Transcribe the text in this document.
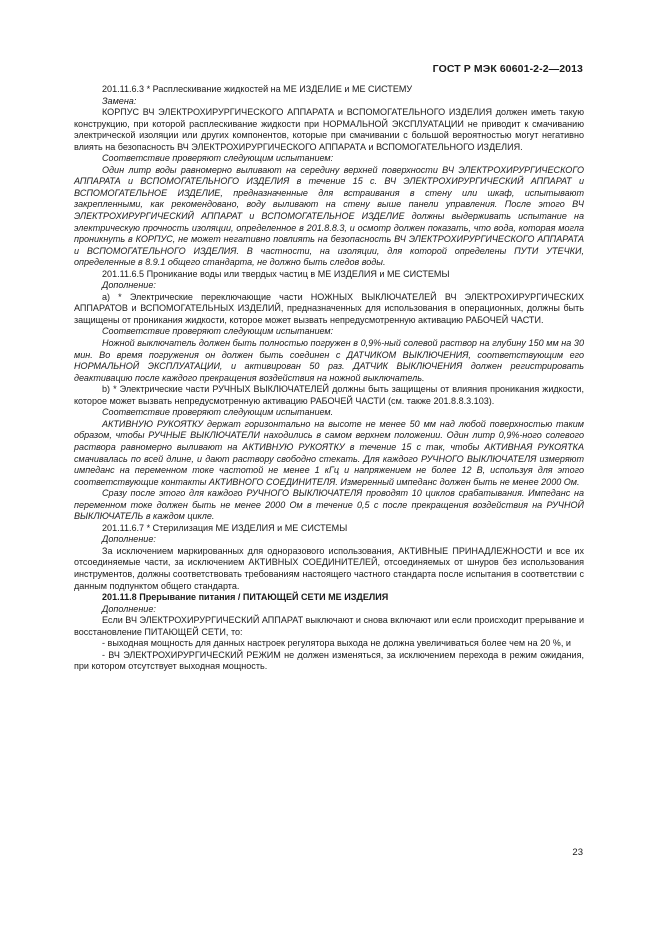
ГОСТ Р МЭК 60601-2-2—2013

201.11.6.3 * Расплескивание жидкостей на МЕ ИЗДЕЛИЕ и МЕ СИСТЕМУ

Замена:

КОРПУС ВЧ ЭЛЕКТРОХИРУРГИЧЕСКОГО АППАРАТА и ВСПОМОГАТЕЛЬНОГО ИЗДЕЛИЯ должен иметь такую конструкцию, при которой расплескивание жидкости при НОРМАЛЬНОЙ ЭКСПЛУАТАЦИИ не приводит к смачиванию электрической изоляции или других компонентов, которые при смачивании с большой вероятностью могут негативно влиять на безопасность ВЧ ЭЛЕКТРОХИРУРГИЧЕСКОГО АППАРАТА и ВСПОМОГАТЕЛЬНОГО ИЗДЕЛИЯ.

Соответствие проверяют следующим испытанием:

Один литр воды равномерно выливают на середину верхней поверхности ВЧ ЭЛЕКТРОХИРУРГИЧЕСКОГО АППАРАТА и ВСПОМОГАТЕЛЬНОГО ИЗДЕЛИЯ в течение 15 с. ВЧ ЭЛЕКТРОХИРУРГИЧЕСКИЙ АППАРАТ и ВСПОМОГАТЕЛЬНОЕ ИЗДЕЛИЕ, предназначенные для встраивания в стену или шкаф, испытывают закрепленными, как рекомендовано, воду выливают на стену выше панели управления. После этого ВЧ ЭЛЕКТРОХИРУРГИЧЕСКИЙ АППАРАТ и ВСПОМОГАТЕЛЬНОЕ ИЗДЕЛИЕ должны выдерживать испытание на электрическую прочность изоляции, определенное в 201.8.8.3, и осмотр должен показать, что вода, которая могла проникнуть в КОРПУС, не может негативно повлиять на безопасность ВЧ ЭЛЕКТРОХИРУРГИЧЕСКОГО АППАРАТА и ВСПОМОГАТЕЛЬНОГО ИЗДЕЛИЯ. В частности, на изоляции, для которой определены ПУТИ УТЕЧКИ, определенные в 8.9.1 общего стандарта, не должно быть следов воды.

201.11.6.5 Проникание воды или твердых частиц в МЕ ИЗДЕЛИЯ и МЕ СИСТЕМЫ

Дополнение:

а) * Электрические переключающие части НОЖНЫХ ВЫКЛЮЧАТЕЛЕЙ ВЧ ЭЛЕКТРОХИРУРГИЧЕСКИХ АППАРАТОВ и ВСПОМОГАТЕЛЬНЫХ ИЗДЕЛИЙ, предназначенных для использования в операционных, должны быть защищены от проникания жидкости, которое может вызвать непредусмотренную активацию РАБОЧЕЙ ЧАСТИ.

Соответствие проверяют следующим испытанием:

Ножной выключатель должен быть полностью погружен в 0,9%-ный солевой раствор на глубину 150 мм на 30 мин. Во время погружения он должен быть соединен с ДАТЧИКОМ ВЫКЛЮЧЕНИЯ, соответствующим его НОРМАЛЬНОЙ ЭКСПЛУАТАЦИИ, и активирован 50 раз. ДАТЧИК ВЫКЛЮЧЕНИЯ должен регистрировать деактивацию после каждого прекращения воздействия на ножной выключатель.

b) * Электрические части РУЧНЫХ ВЫКЛЮЧАТЕЛЕЙ должны быть защищены от влияния проникания жидкости, которое может вызвать непредусмотренную активацию РАБОЧЕЙ ЧАСТИ (см. также 201.8.8.3.103).

Соответствие проверяют следующим испытанием.

АКТИВНУЮ РУКОЯТКУ держат горизонтально на высоте не менее 50 мм над любой поверхностью таким образом, чтобы РУЧНЫЕ ВЫКЛЮЧАТЕЛИ находились в самом верхнем положении. Один литр 0,9%-ного солевого раствора равномерно выливают на АКТИВНУЮ РУКОЯТКУ в течение 15 с так, чтобы АКТИВНАЯ РУКОЯТКА смачивалась по всей длине, и дают раствору свободно стекать. Для каждого РУЧНОГО ВЫКЛЮЧАТЕЛЯ измеряют импеданс на переменном токе частотой не менее 1 кГц и напряжением не более 12 В, используя для этого соответствующие контакты АКТИВНОГО СОЕДИНИТЕЛЯ. Измеренный импеданс должен быть не менее 2000 Ом.

Сразу после этого для каждого РУЧНОГО ВЫКЛЮЧАТЕЛЯ проводят 10 циклов срабатывания. Импеданс на переменном токе должен быть не менее 2000 Ом в течение 0,5 с после прекращения воздействия на РУЧНОЙ ВЫКЛЮЧАТЕЛЬ в каждом цикле.

201.11.6.7 * Стерилизация МЕ ИЗДЕЛИЯ и МЕ СИСТЕМЫ

Дополнение:

За исключением маркированных для одноразового использования, АКТИВНЫЕ ПРИНАДЛЕЖНОСТИ и все их отсоединяемые части, за исключением АКТИВНЫХ СОЕДИНИТЕЛЕЙ, отсоединяемых от шнуров без использования инструментов, должны соответствовать требованиям настоящего частного стандарта после испытания в соответствии с данным подпунктом общего стандарта.

201.11.8 Прерывание питания / ПИТАЮЩЕЙ СЕТИ МЕ ИЗДЕЛИЯ

Дополнение:

Если ВЧ ЭЛЕКТРОХИРУРГИЧЕСКИЙ АППАРАТ выключают и снова включают или если происходит прерывание и восстановление ПИТАЮЩЕЙ СЕТИ, то:

- выходная мощность для данных настроек регулятора выхода не должна увеличиваться более чем на 20 %, и

- ВЧ ЭЛЕКТРОХИРУРГИЧЕСКИЙ РЕЖИМ не должен изменяться, за исключением перехода в режим ожидания, при котором отсутствует выходная мощность.

23
